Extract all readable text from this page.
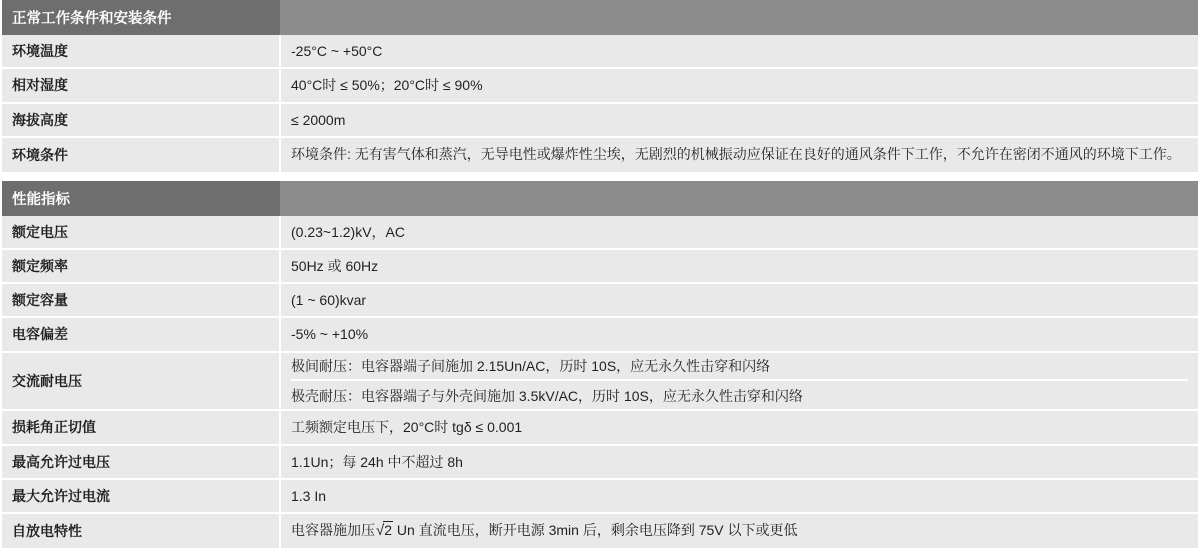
正常工作条件和安装条件	
环境温度	-25°C ~ +50°C
相对湿度	40°C时 ≤ 50%；20°C时 ≤ 90%
海拔高度	≤ 2000m
环境条件	环境条件: 无有害气体和蒸汽，无导电性或爆炸性尘埃，无剧烈的机械振动应保证在良好的通风条件下工作，不允许在密闭不通风的环境下工作。

性能指标	
额定电压	(0.23~1.2)kV，AC
额定频率	50Hz 或 60Hz
额定容量	(1 ~ 60)kvar
电容偏差	-5% ~ +10%
交流耐电压	极间耐压：电容器端子间施加 2.15Un/AC，历时 10S，应无永久性击穿和闪络
极壳耐压：电容器端子与外壳间施加 3.5kV/AC，历时 10S，应无永久性击穿和闪络

损耗角正切值	工频额定电压下，20°C时 tgδ ≤ 0.001
最高允许过电压	1.1Un；每 24h 中不超过 8h
最大允许过电流	1.3 In
自放电特性	电容器施加压√2 Un 直流电压，断开电源 3min 后，剩余电压降到 75V 以下或更低
